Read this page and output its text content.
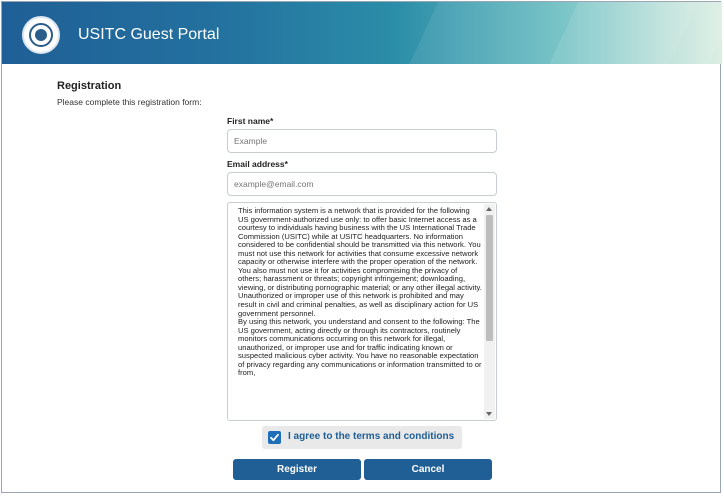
USITC Guest Portal
Registration
Please complete this registration form:
First name*
Example
Email address*
example@email.com
This information system is a network that is provided for the following US government-authorized use only: to offer basic Internet access as a courtesy to individuals having business with the US International Trade Commission (USITC) while at USITC headquarters. No information considered to be confidential should be transmitted via this network. You must not use this network for activities that consume excessive network capacity or otherwise interfere with the proper operation of the network. You also must not use it for activities compromising the privacy of others; harassment or threats; copyright infringement; downloading, viewing, or distributing pornographic material; or any other illegal activity. Unauthorized or improper use of this network is prohibited and may result in civil and criminal penalties, as well as disciplinary action for US government personnel.
By using this network, you understand and consent to the following: The US government, acting directly or through its contractors, routinely monitors communications occurring on this network for illegal, unauthorized, or improper use and for traffic indicating known or suspected malicious cyber activity. You have no reasonable expectation of privacy regarding any communications or information transmitted to or from,
I agree to the terms and conditions
Register	Cancel
